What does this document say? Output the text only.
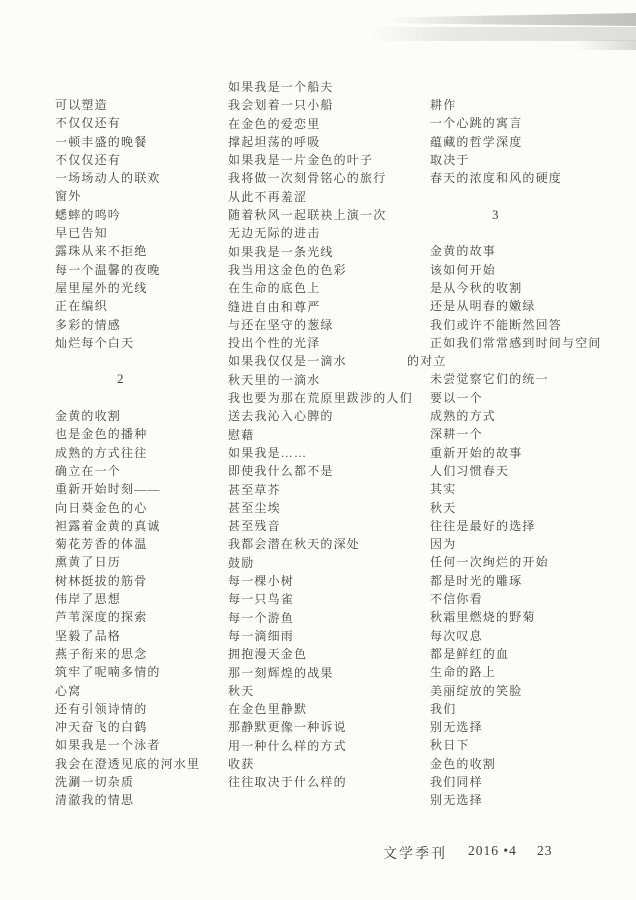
可以塑造
不仅仅还有
一顿丰盛的晚餐
不仅仅还有
一场场动人的联欢
窗外
蟋蟀的鸣吟
早已告知
露珠从来不拒绝
每一个温馨的夜晚
屋里屋外的光线
正在编织
多彩的情感
灿烂每个白天
2
金黄的收割
也是金色的播种
成熟的方式往往
确立在一个
重新开始时刻——
向日葵金色的心
袒露着金黄的真诚
菊花芳香的体温
熏黄了日历
树林挺拔的筋骨
伟岸了思想
芦苇深度的探索
坚毅了品格
燕子衔来的思念
筑牢了呢喃多情的
心窝
还有引领诗情的
冲天奋飞的白鹤
如果我是一个泳者
我会在澄透见底的河水里
洗涮一切杂质
清澈我的情思
如果我是一个船夫
我会划着一只小船
在金色的爱恋里
撑起坦荡的呼吸
如果我是一片金色的叶子
我将做一次刻骨铭心的旅行
从此不再羞涩
随着秋风一起联袂上演一次
无边无际的进击
如果我是一条光线
我当用这金色的色彩
在生命的底色上
缝进自由和尊严
与还在坚守的葱绿
投出个性的光泽
如果我仅仅是一滴水
秋天里的一滴水
我也要为那在荒原里跋涉的人们
送去我沁入心脾的
慰藉
如果我是……
即使我什么都不是
甚至草芥
甚至尘埃
甚至残音
我都会潜在秋天的深处
鼓励
每一棵小树
每一只鸟雀
每一个游鱼
每一滴细雨
拥抱漫天金色
那一刻辉煌的战果
秋天
在金色里静默
那静默更像一种诉说
用一种什么样的方式
收获
往往取决于什么样的
耕作
一个心跳的寓言
蕴藏的哲学深度
取决于
春天的浓度和风的硬度
3
金黄的故事
该如何开始
是从今秋的收割
还是从明春的嫩绿
我们或许不能断然回答
正如我们常常感到时间与空间
的对立
未尝觉察它们的统一
要以一个
成熟的方式
深耕一个
重新开始的故事
人们习惯春天
其实
秋天
往往是最好的选择
因为
任何一次绚烂的开始
都是时光的雕琢
不信你看
秋霜里燃烧的野菊
每次叹息
都是鲜红的血
生命的路上
美丽绽放的笑脸
我们
别无选择
秋日下
金色的收割
我们同样
别无选择
文学季刊 2016 •4 23
